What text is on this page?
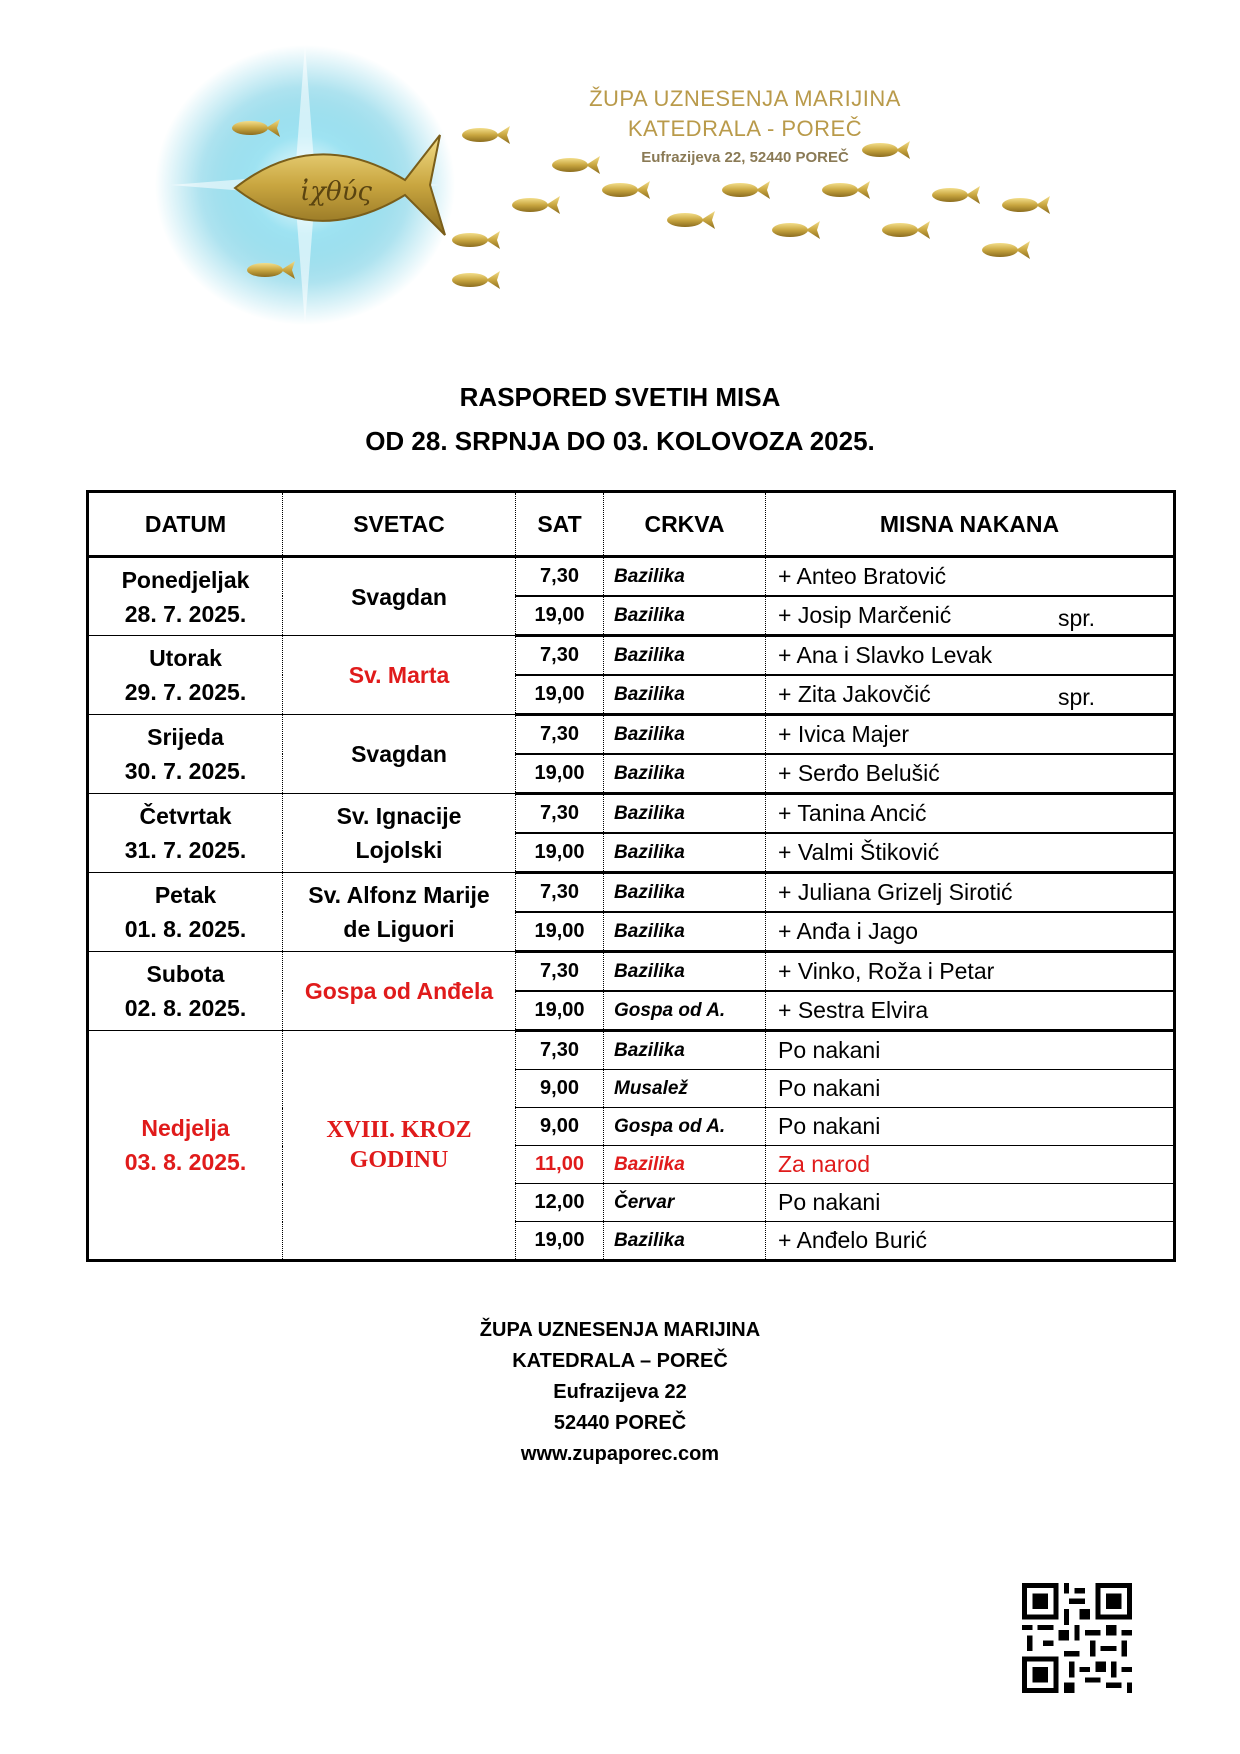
ἰχθύς
ŽUPA UZNESENJA MARIJINA
KATEDRALA - POREČ
Eufrazijeva 22, 52440 POREČ
RASPORED SVETIH MISA
OD 28. SRPNJA DO 03. KOLOVOZA 2025.
DATUM	SVETAC	SAT	CRKVA	MISNA NAKANA
Ponedjeljak
28. 7. 2025.	Svagdan	7,30	Bazilika	+ Anteo Bratović
		19,00	Bazilika	+ Josip Marčenić spr.

Utorak
29. 7. 2025.	Sv. Marta	7,30	Bazilika	+ Ana i Slavko Levak
		19,00	Bazilika	+ Zita Jakovčić spr.

Srijeda
30. 7. 2025.	Svagdan	7,30	Bazilika	+ Ivica Majer
		19,00	Bazilika	+ Serđo Belušić
Četvrtak
31. 7. 2025.	Sv. Ignacije
Lojolski	7,30	Bazilika	+ Tanina Ancić
		19,00	Bazilika	+ Valmi Štiković
Petak
01. 8. 2025.	Sv. Alfonz Marije
de Liguori	7,30	Bazilika	+ Juliana Grizelj Sirotić
		19,00	Bazilika	+ Anđa i Jago
Subota
02. 8. 2025.	Gospa od Anđela	7,30	Bazilika	+ Vinko, Roža i Petar
		19,00	Gospa od A.	+ Sestra Elvira
Nedjelja
03. 8. 2025.	XVIII. KROZ
GODINU	7,30	Bazilika	Po nakani
		9,00	Musalež	Po nakani
		9,00	Gospa od A.	Po nakani
		11,00	Bazilika	Za narod
		12,00	Červar	Po nakani
		19,00	Bazilika	+ Anđelo Burić
ŽUPA UZNESENJA MARIJINA
KATEDRALA – POREČ
Eufrazijeva 22
52440 POREČ
www.zupaporec.com
